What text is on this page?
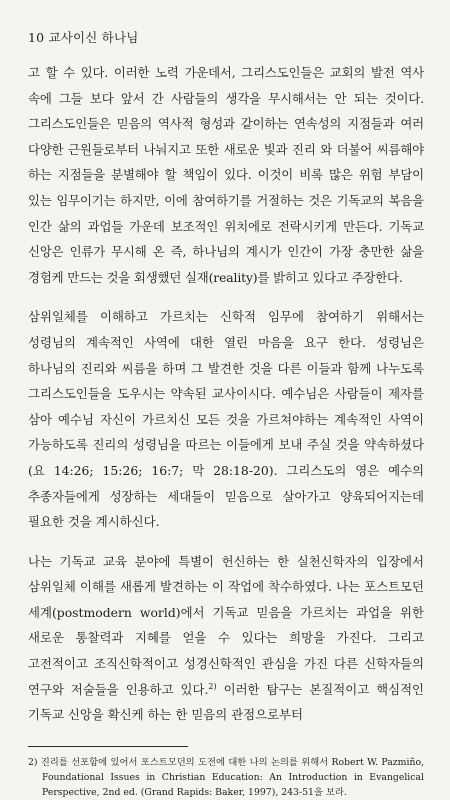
10 교사이신 하나님

고 할 수 있다. 이러한 노력 가운데서, 그리스도인들은 교회의 발전 역사 속에 그들 보다 앞서 간 사람들의 생각을 무시해서는 안 되는 것이다. 그리스도인들은 믿음의 역사적 형성과 같이하는 연속성의 지점들과 여러 다양한 근원들로부터 나눠지고 또한 새로운 빛과 진리 와 더불어 씨름해야 하는 지점들을 분별해야 할 책임이 있다. 이것이 비록 많은 위험 부담이 있는 임무이기는 하지만, 이에 참여하기를 거절하는 것은 기독교의 복음을 인간 삶의 과업들 가운데 보조적인 위치에로 전락시키게 만든다. 기독교 신앙은 인류가 무시해 온 즉, 하나님의 계시가 인간이 가장 충만한 삶을 경험케 만드는 것을 회생했던 실재(reality)를 밝히고 있다고 주장한다.

삼위일체를 이해하고 가르치는 신학적 임무에 참여하기 위해서는 성령님의 계속적인 사역에 대한 열린 마음을 요구 한다. 성령님은 하나님의 진리와 씨름을 하며 그 발견한 것을 다른 이들과 함께 나누도록 그리스도인들을 도우시는 약속된 교사이시다. 예수님은 사람들이 제자를 삼아 예수님 자신이 가르치신 모든 것을 가르쳐야하는 계속적인 사역이 가능하도록 진리의 성령님을 따르는 이들에게 보내 주실 것을 약속하셨다(요 14:26; 15:26; 16:7; 막 28:18-20). 그리스도의 영은 예수의 추종자들에게 성장하는 세대들이 믿음으로 살아가고 양육되어지는데 필요한 것을 계시하신다.

나는 기독교 교육 분야에 특별이 헌신하는 한 실천신학자의 입장에서 삼위일체 이해를 새롭게 발견하는 이 작업에 착수하였다. 나는 포스트모던 세계(postmodern world)에서 기독교 믿음을 가르치는 과업을 위한 새로운 통찰력과 지혜를 얻을 수 있다는 희망을 가진다. 그리고 고전적이고 조직신학적이고 성경신학적인 관심을 가진 다른 신학자들의 연구와 저술들을 인용하고 있다.$^{2)}$ 이러한 탐구는 본질적이고 핵심적인 기독교 신앙을 확신케 하는 한 믿음의 관점으로부터

2) 진리를 선포함에 있어서 포스트모던의 도전에 대한 나의 논의를 위해서 Robert W. Pazmiño, Foundational Issues in Christian Education: An Introduction in Evangelical Perspective, 2nd ed. (Grand Rapids: Baker, 1997), 243-51을 보라.
